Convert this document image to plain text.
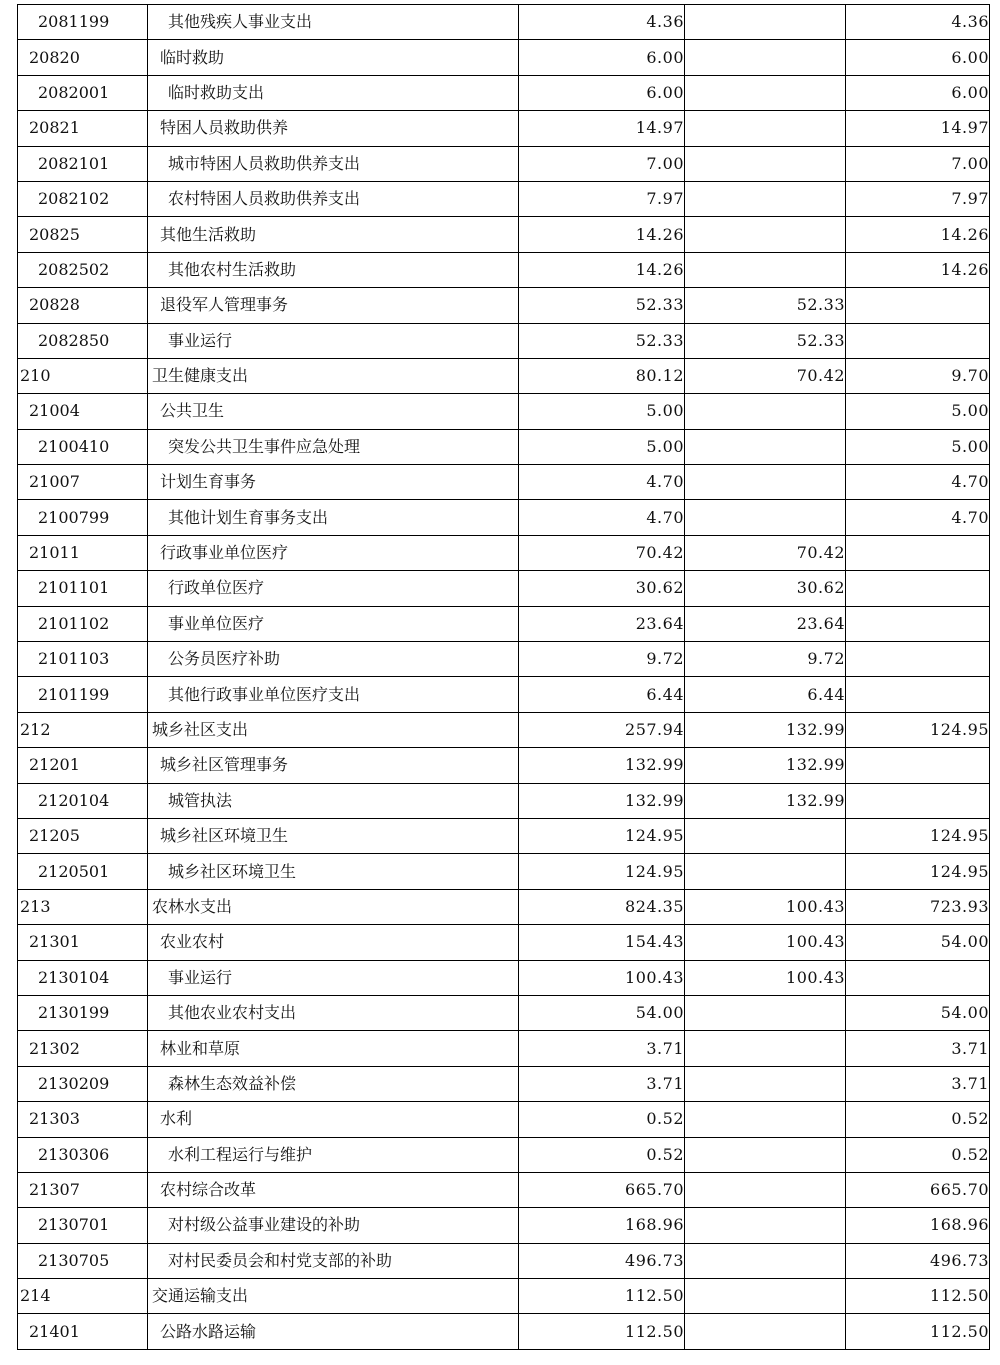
2081199	其他残疾人事业支出	4.36		4.36
20820	临时救助	6.00		6.00
2082001	临时救助支出	6.00		6.00
20821	特困人员救助供养	14.97		14.97
2082101	城市特困人员救助供养支出	7.00		7.00
2082102	农村特困人员救助供养支出	7.97		7.97
20825	其他生活救助	14.26		14.26
2082502	其他农村生活救助	14.26		14.26
20828	退役军人管理事务	52.33	52.33	
2082850	事业运行	52.33	52.33	
210	卫生健康支出	80.12	70.42	9.70
21004	公共卫生	5.00		5.00
2100410	突发公共卫生事件应急处理	5.00		5.00
21007	计划生育事务	4.70		4.70
2100799	其他计划生育事务支出	4.70		4.70
21011	行政事业单位医疗	70.42	70.42	
2101101	行政单位医疗	30.62	30.62	
2101102	事业单位医疗	23.64	23.64	
2101103	公务员医疗补助	9.72	9.72	
2101199	其他行政事业单位医疗支出	6.44	6.44	
212	城乡社区支出	257.94	132.99	124.95
21201	城乡社区管理事务	132.99	132.99	
2120104	城管执法	132.99	132.99	
21205	城乡社区环境卫生	124.95		124.95
2120501	城乡社区环境卫生	124.95		124.95
213	农林水支出	824.35	100.43	723.93
21301	农业农村	154.43	100.43	54.00
2130104	事业运行	100.43	100.43	
2130199	其他农业农村支出	54.00		54.00
21302	林业和草原	3.71		3.71
2130209	森林生态效益补偿	3.71		3.71
21303	水利	0.52		0.52
2130306	水利工程运行与维护	0.52		0.52
21307	农村综合改革	665.70		665.70
2130701	对村级公益事业建设的补助	168.96		168.96
2130705	对村民委员会和村党支部的补助	496.73		496.73
214	交通运输支出	112.50		112.50
21401	公路水路运输	112.50		112.50
